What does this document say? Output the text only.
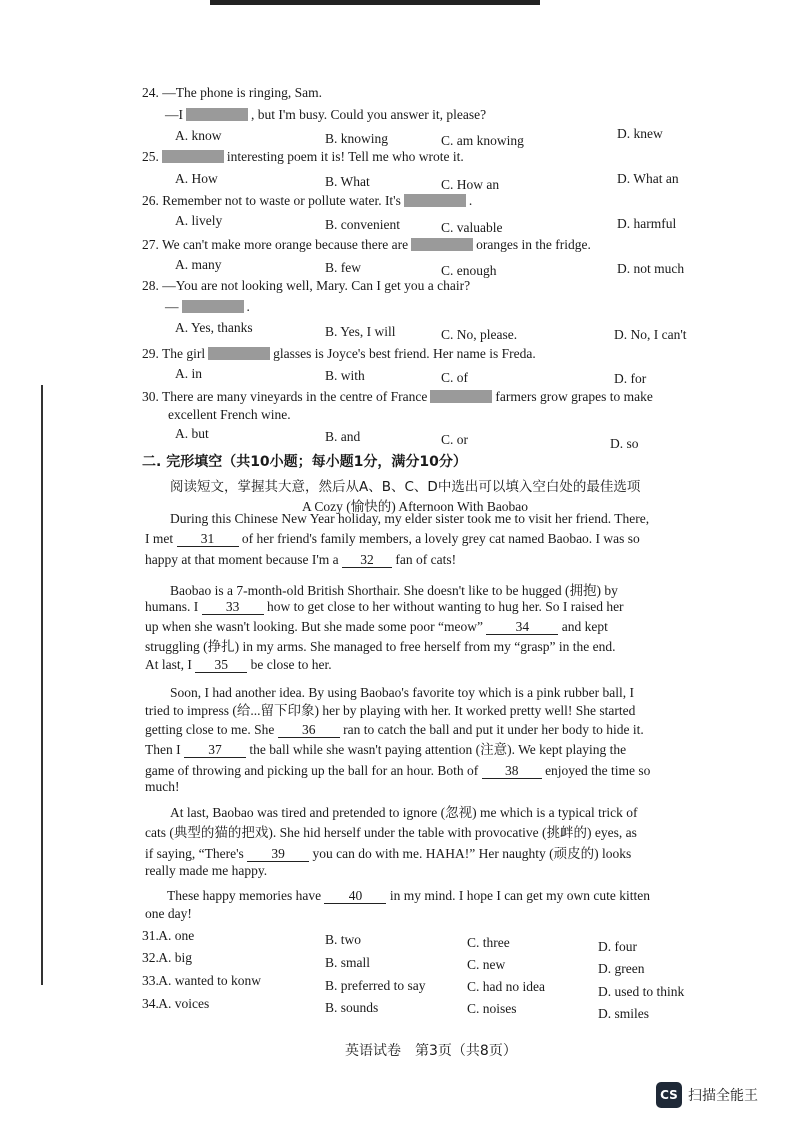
24. —The phone is ringing, Sam.
—I	, but I'm busy. Could you answer it, please?
A. know	B. knowing	C. am knowing	D. knew
25.	interesting poem it is! Tell me who wrote it.
A. How	B. What	C. How an	D. What an
26. Remember not to waste or pollute water. It's	.
A. lively	B. convenient	C. valuable	D. harmful
27. We can't make more orange because there are	oranges in the fridge.
A. many	B. few	C. enough	D. not much
28. —You are not looking well, Mary. Can I get you a chair?
—	.
A. Yes, thanks	B. Yes, I will	C. No, please.	D. No, I can't
29. The girl	glasses is Joyce's best friend. Her name is Freda.
A. in	B. with	C. of	D. for
30. There are many vineyards in the centre of France	farmers grow grapes to make
excellent French wine.
A. but	B. and	C. or	D. so
二. 完形填空（共10小题；每小题1分，满分10分）
阅读短文，掌握其大意，然后从A、B、C、D中选出可以填入空白处的最佳选项
A Cozy (愉快的) Afternoon With Baobao
During this Chinese New Year holiday, my elder sister took me to visit her friend. There,
I met 31 of her friend's family members, a lovely grey cat named Baobao. I was so
happy at that moment because I'm a 32 fan of cats!
Baobao is a 7-month-old British Shorthair. She doesn't like to be hugged (拥抱) by
humans. I 33 how to get close to her without wanting to hug her. So I raised her
up when she wasn't looking. But she made some poor “meow” 34 and kept
struggling (挣扎) in my arms. She managed to free herself from my “grasp” in the end.
At last, I 35 be close to her.
Soon, I had another idea. By using Baobao's favorite toy which is a pink rubber ball, I
tried to impress (给...留下印象) her by playing with her. It worked pretty well! She started
getting close to me. She 36 ran to catch the ball and put it under her body to hide it.
Then I 37 the ball while she wasn't paying attention (注意). We kept playing the
game of throwing and picking up the ball for an hour. Both of 38 enjoyed the time so
much!
At last, Baobao was tired and pretended to ignore (忽视) me which is a typical trick of
cats (典型的猫的把戏). She hid herself under the table with provocative (挑衅的) eyes, as
if saying, “There's 39 you can do with me. HAHA!” Her naughty (顽皮的) looks
really made me happy.
These happy memories have 40 in my mind. I hope I can get my own cute kitten
one day!
31. A. one	B. two	C. three	D. four
32. A. big	B. small	C. new	D. green
33. A. wanted to konw	B. preferred to say	C. had no idea	D. used to think
34. A. voices	B. sounds	C. noises	D. smiles
英语试卷　第3页（共8页）
CS 扫描全能王
